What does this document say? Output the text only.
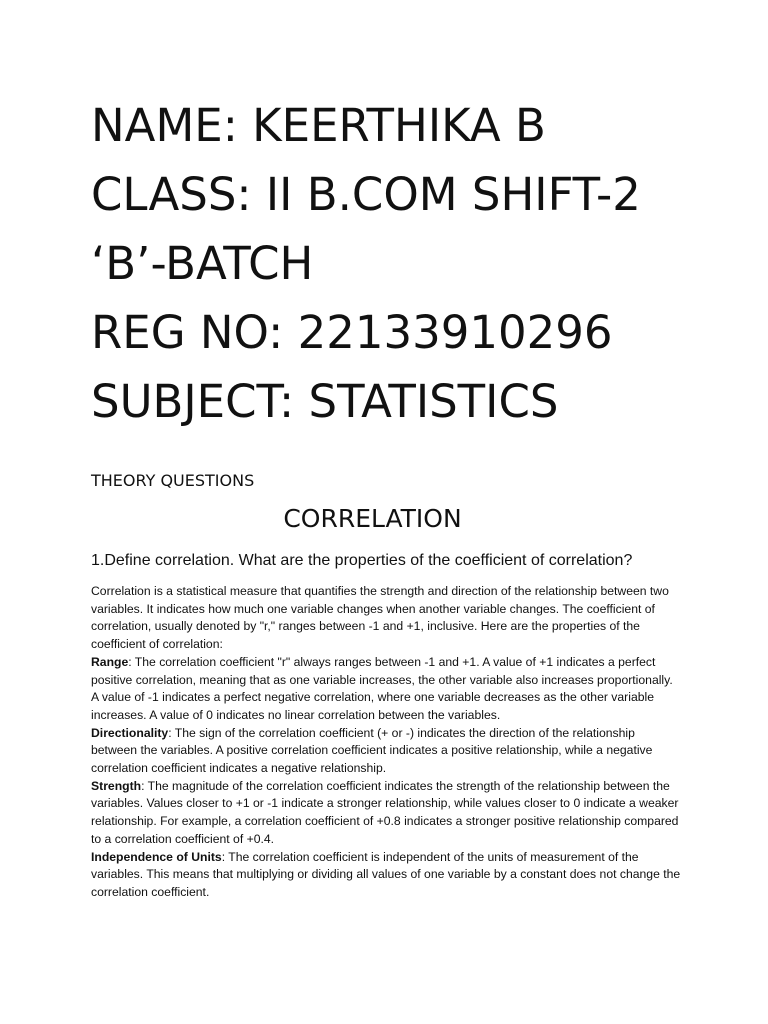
NAME: KEERTHIKA B
CLASS: II B.COM SHIFT-2
‘B’-BATCH
REG NO: 22133910296
SUBJECT: STATISTICS
THEORY QUESTIONS
CORRELATION
1.Define correlation. What are the properties of the coefficient of correlation?

Correlation is a statistical measure that quantifies the strength and direction of the relationship between two variables. It indicates how much one variable changes when another variable changes. The coefficient of correlation, usually denoted by "r," ranges between -1 and +1, inclusive. Here are the properties of the coefficient of correlation:

Range: The correlation coefficient "r" always ranges between -1 and +1. A value of +1 indicates a perfect positive correlation, meaning that as one variable increases, the other variable also increases proportionally. A value of -1 indicates a perfect negative correlation, where one variable decreases as the other variable increases. A value of 0 indicates no linear correlation between the variables.

Directionality: The sign of the correlation coefficient (+ or -) indicates the direction of the relationship between the variables. A positive correlation coefficient indicates a positive relationship, while a negative correlation coefficient indicates a negative relationship.

Strength: The magnitude of the correlation coefficient indicates the strength of the relationship between the variables. Values closer to +1 or -1 indicate a stronger relationship, while values closer to 0 indicate a weaker relationship. For example, a correlation coefficient of +0.8 indicates a stronger positive relationship compared to a correlation coefficient of +0.4.

Independence of Units: The correlation coefficient is independent of the units of measurement of the variables. This means that multiplying or dividing all values of one variable by a constant does not change the correlation coefficient.
